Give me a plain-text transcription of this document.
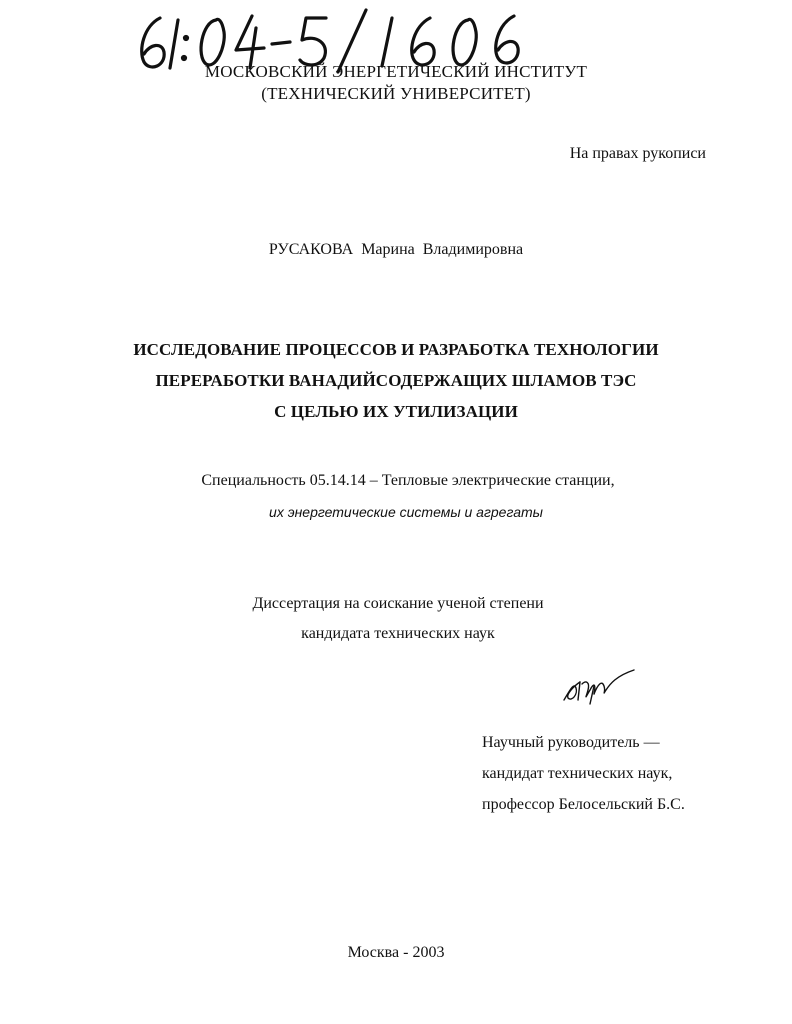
МОСКОВСКИЙ ЭНЕРГЕТИЧЕСКИЙ ИНСТИТУТ
(ТЕХНИЧЕСКИЙ УНИВЕРСИТЕТ)
На правах рукописи
РУСАКОВА Марина Владимировна
ИССЛЕДОВАНИЕ ПРОЦЕССОВ И РАЗРАБОТКА ТЕХНОЛОГИИ
ПЕРЕРАБОТКИ ВАНАДИЙСОДЕРЖАЩИХ ШЛАМОВ ТЭС
С ЦЕЛЬЮ ИХ УТИЛИЗАЦИИ
Специальность 05.14.14 – Тепловые электрические станции,
их энергетические системы и агрегаты
Диссертация на соискание ученой степени
кандидата технических наук
Научный руководитель —
кандидат технических наук,
профессор Белосельский Б.С.
Москва - 2003
